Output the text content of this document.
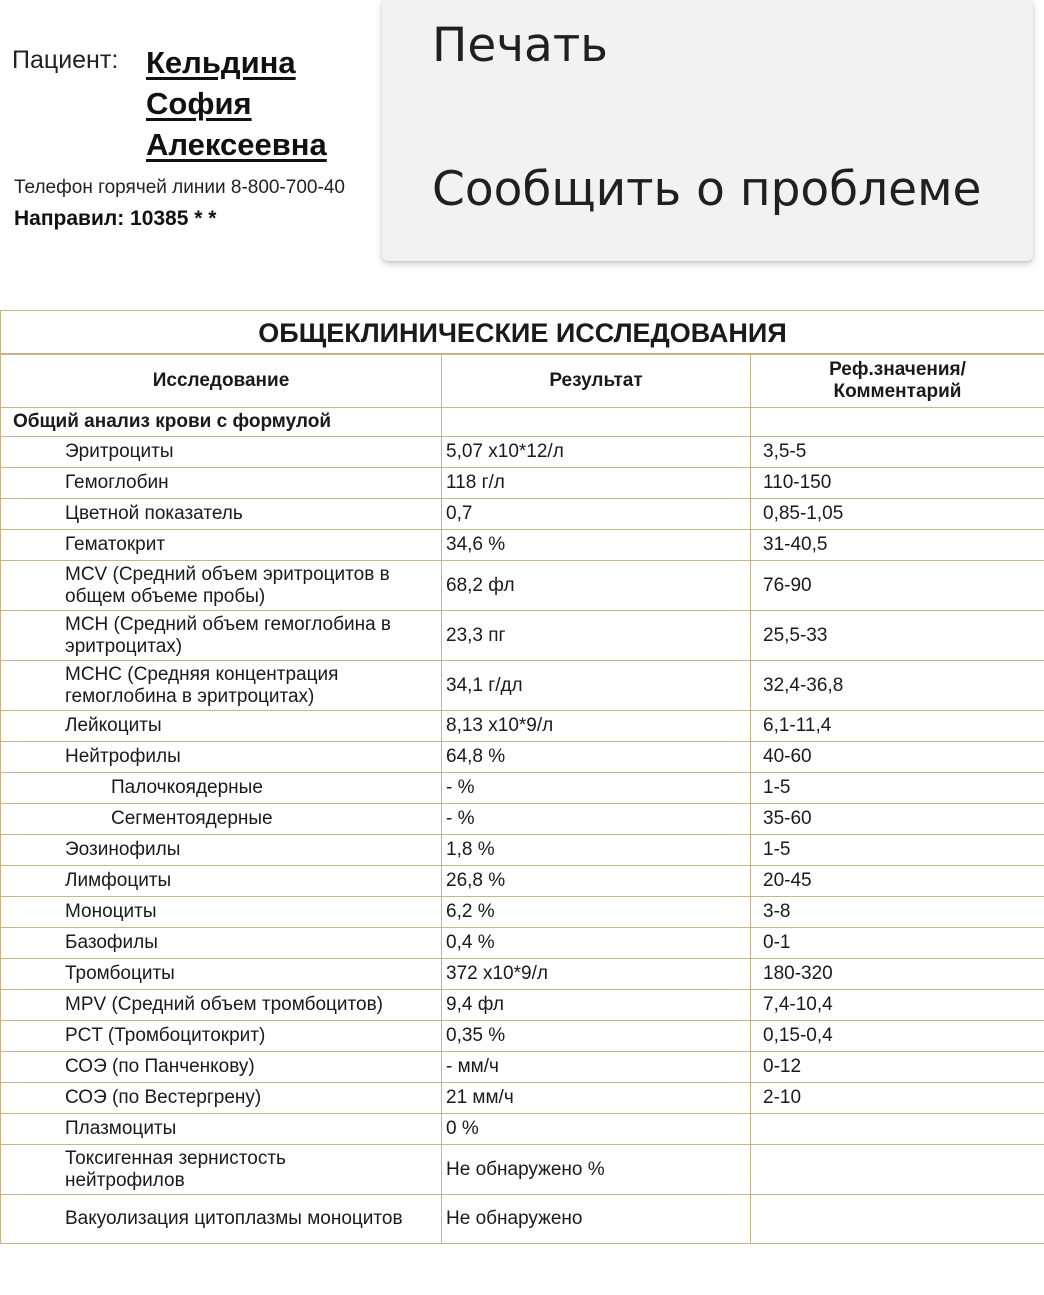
Пациент: Кельдина
София
Алексеевна
Телефон горячей линии 8-800-700-40
Направил: 10385 * *
Печать
Сообщить о проблеме
ОБЩЕКЛИНИЧЕСКИЕ ИССЛЕДОВАНИЯ		
Исследование	Результат	Реф.значения/
Комментарий

Общий анализ крови с формулой		
Эритроциты	5,07 x10*12/л	3,5-5
Гемоглобин	118 г/л	110-150
Цветной показатель	0,7	0,85-1,05
Гематокрит	34,6 %	31-40,5

MCV (Средний объем эритроцитов в
общем объеме пробы)	68,2 фл	76-90

MCH (Средний объем гемоглобина в
эритроцитах)	23,3 пг	25,5-33

MCHC (Средняя концентрация
гемоглобина в эритроцитах)	34,1 г/дл	32,4-36,8
Лейкоциты	8,13 x10*9/л	6,1-11,4
Нейтрофилы	64,8 %	40-60
Палочкоядерные	- %	1-5
Сегментоядерные	- %	35-60
Эозинофилы	1,8 %	1-5
Лимфоциты	26,8 %	20-45
Моноциты	6,2 %	3-8
Базофилы	0,4 %	0-1
Тромбоциты	372 x10*9/л	180-320
MPV (Средний объем тромбоцитов)	9,4 фл	7,4-10,4
PCT (Тромбоцитокрит)	0,35 %	0,15-0,4
СОЭ (по Панченкову)	- мм/ч	0-12
СОЭ (по Вестергрену)	21 мм/ч	2-10
Плазмоциты	0 %	

Токсигенная зернистость
нейтрофилов	Не обнаружено %	
Вакуолизация цитоплазмы моноцитов	Не обнаружено	
